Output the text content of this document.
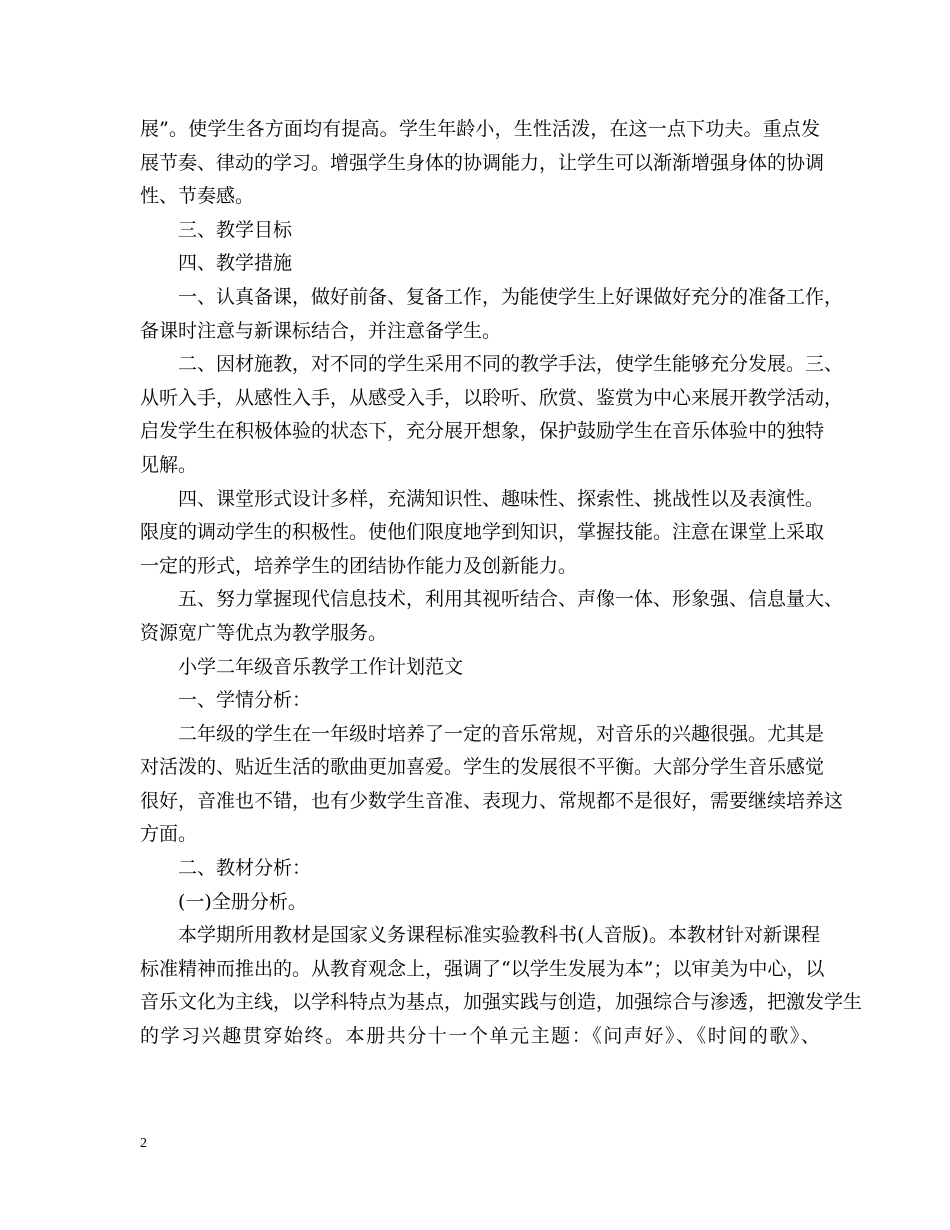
展”。使学生各方面均有提高。学生年龄小，生性活泼，在这一点下功夫。重点发
展节奏、律动的学习。增强学生身体的协调能力，让学生可以渐渐增强身体的协调
性、节奏感。
三、教学目标
四、教学措施
一、认真备课，做好前备、复备工作，为能使学生上好课做好充分的准备工作，
备课时注意与新课标结合，并注意备学生。
二、因材施教，对不同的学生采用不同的教学手法，使学生能够充分发展。三、
从听入手，从感性入手，从感受入手，以聆听、欣赏、鉴赏为中心来展开教学活动，
启发学生在积极体验的状态下，充分展开想象，保护鼓励学生在音乐体验中的独特
见解。
四、课堂形式设计多样，充满知识性、趣味性、探索性、挑战性以及表演性。
限度的调动学生的积极性。使他们限度地学到知识，掌握技能。注意在课堂上采取
一定的形式，培养学生的团结协作能力及创新能力。
五、努力掌握现代信息技术，利用其视听结合、声像一体、形象强、信息量大、
资源宽广等优点为教学服务。
小学二年级音乐教学工作计划范文
一、学情分析：
二年级的学生在一年级时培养了一定的音乐常规，对音乐的兴趣很强。尤其是
对活泼的、贴近生活的歌曲更加喜爱。学生的发展很不平衡。大部分学生音乐感觉
很好，音准也不错，也有少数学生音准、表现力、常规都不是很好，需要继续培养这
方面。
二、教材分析：
(一)全册分析。
本学期所用教材是国家义务课程标准实验教科书(人音版)。本教材针对新课程
标准精神而推出的。从教育观念上，强调了“以学生发展为本”；以审美为中心，以
音乐文化为主线，以学科特点为基点，加强实践与创造，加强综合与渗透，把激发学生
的学习兴趣贯穿始终。本册共分十一个单元主题：《问声好》、《时间的歌》、
2
